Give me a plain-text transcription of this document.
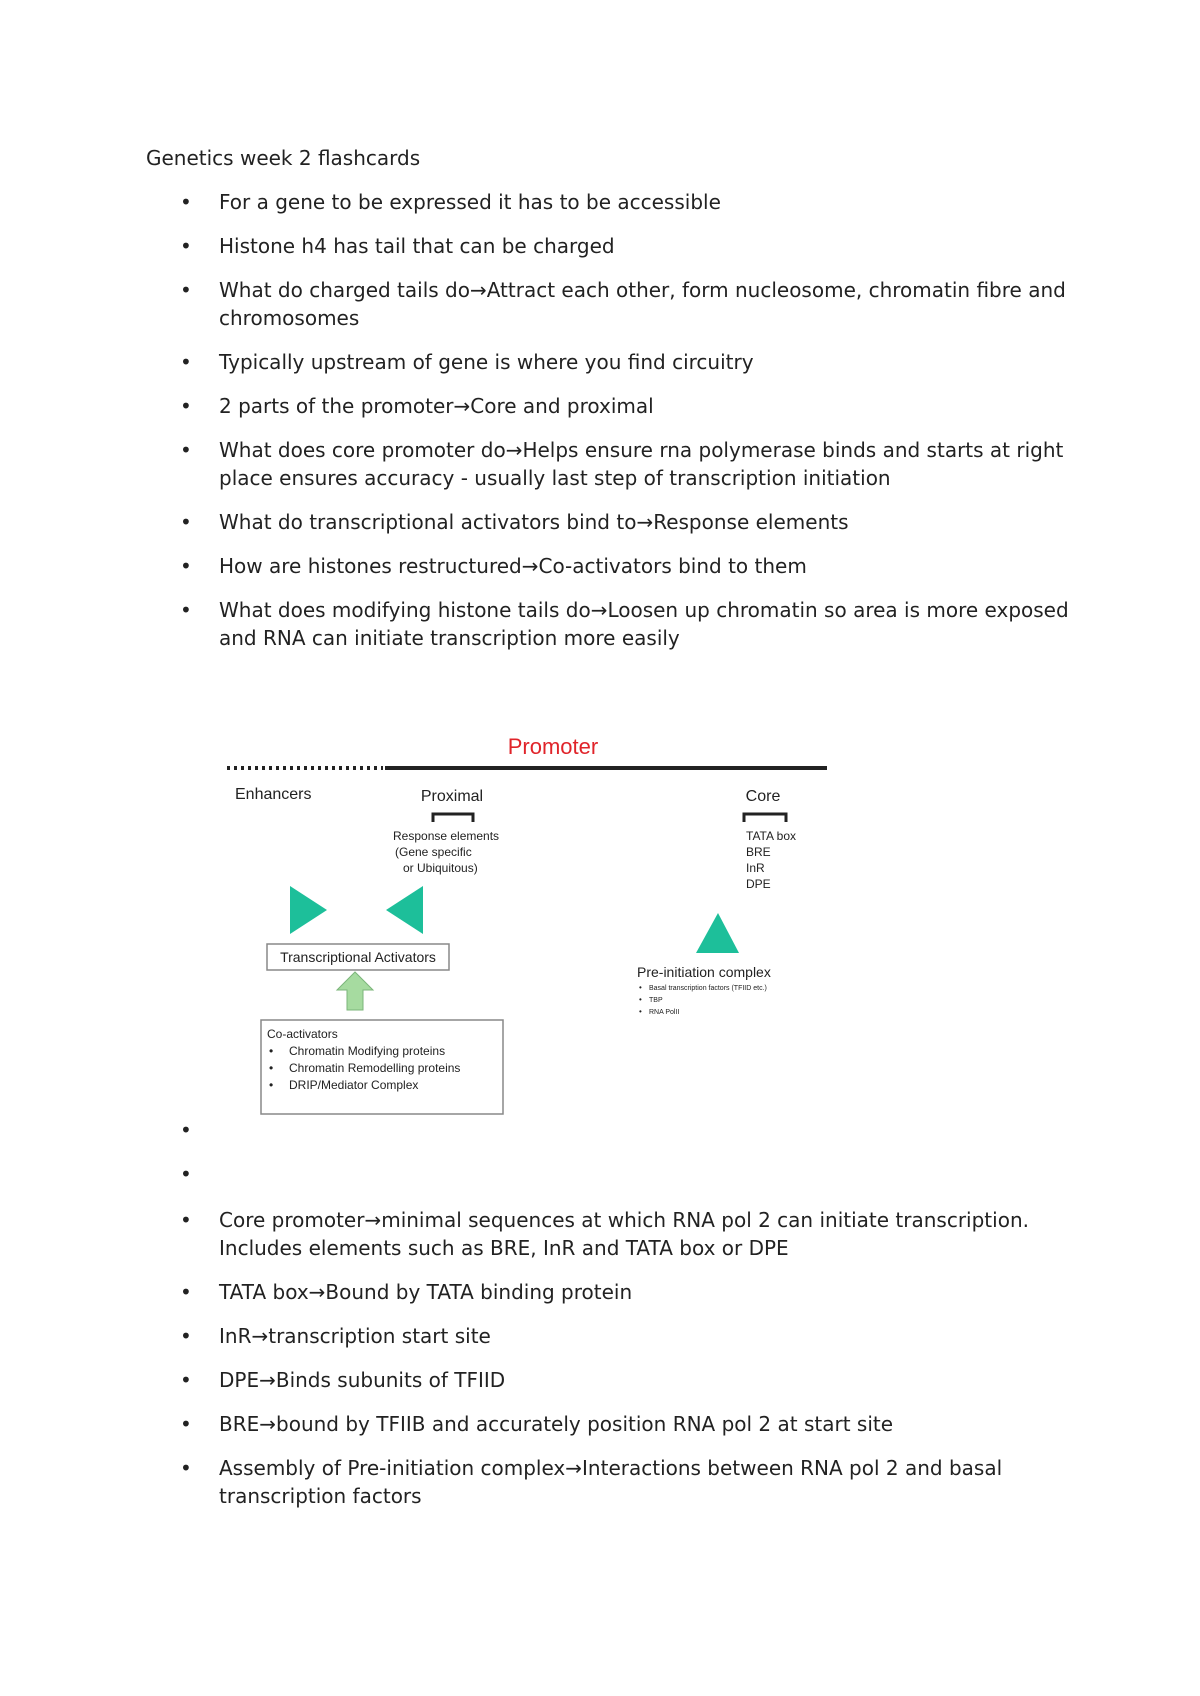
Genetics week 2 flashcards
• For a gene to be expressed it has to be accessible
• Histone h4 has tail that can be charged
• What do charged tails do→Attract each other, form nucleosome, chromatin fibre and chromosomes
• Typically upstream of gene is where you find circuitry
• 2 parts of the promoter→Core and proximal
• What does core promoter do→Helps ensure rna polymerase binds and starts at right place ensures accuracy - usually last step of transcription initiation
• What do transcriptional activators bind to→Response elements
• How are histones restructured→Co-activators bind to them
• What does modifying histone tails do→Loosen up chromatin so area is more exposed and RNA can initiate transcription more easily
Promoter
Enhancers	Proximal	Core
Response elements
(Gene specific
or Ubiquitous)
TATA box
BRE
InR
DPE
Transcriptional Activators
Pre-initiation complex
• Basal transcription factors (TFIID etc.)
• TBP
• RNA PolII
Co-activators
• Chromatin Modifying proteins
• Chromatin Remodelling proteins
• DRIP/Mediator Complex
•
•
• Core promoter→minimal sequences at which RNA pol 2 can initiate transcription. Includes elements such as BRE, InR and TATA box or DPE
• TATA box→Bound by TATA binding protein
• InR→transcription start site
• DPE→Binds subunits of TFIID
• BRE→bound by TFIIB and accurately position RNA pol 2 at start site
• Assembly of Pre-initiation complex→Interactions between RNA pol 2 and basal transcription factors
